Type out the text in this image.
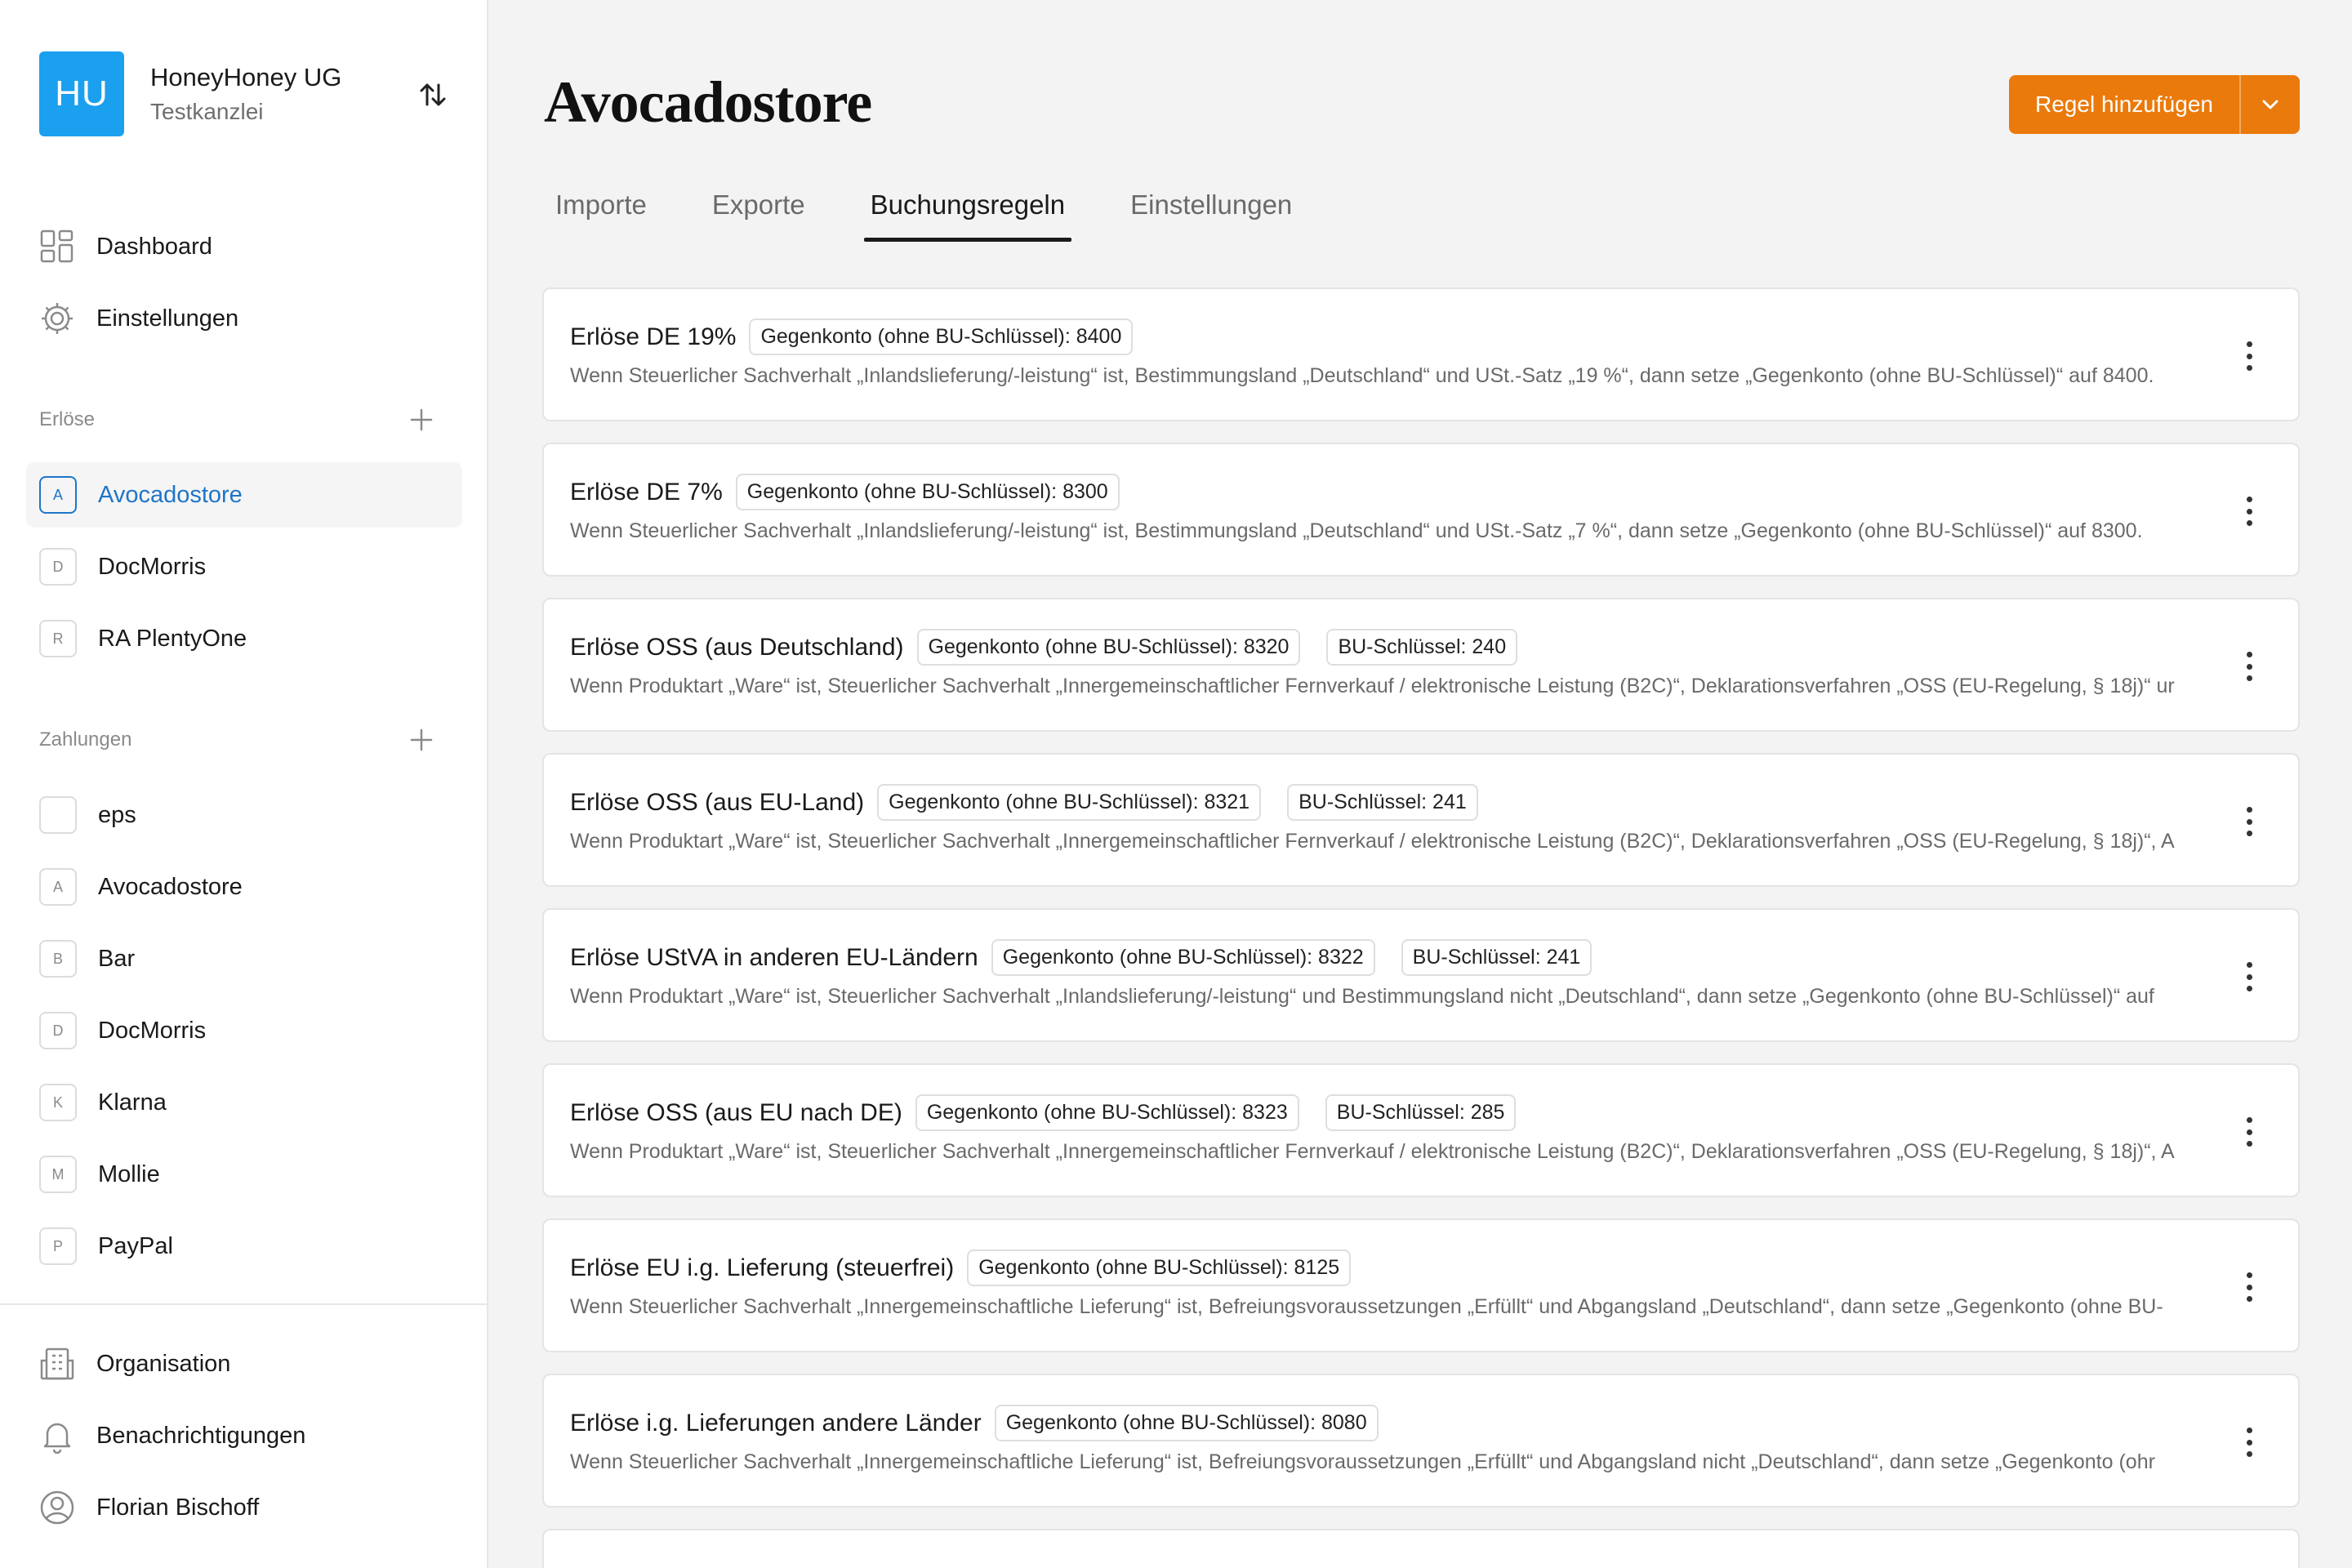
HU	HoneyHoney UG
Testkanzlei
Dashboard
Einstellungen
Erlöse
A	Avocadostore
D	DocMorris
R	RA PlentyOne
Zahlungen
eps
A	Avocadostore
B	Bar
D	DocMorris
K	Klarna
M	Mollie
P	PayPal
Organisation
Benachrichtigungen
Florian Bischoff
Avocadostore	Regel hinzufügen
Importe Exporte Buchungsregeln Einstellungen
Erlöse DE 19%	Gegenkonto (ohne BU-Schlüssel): 8400
Wenn Steuerlicher Sachverhalt „Inlandslieferung/-leistung“ ist, Bestimmungsland „Deutschland“ und USt.-Satz „19 %“, dann setze „Gegenkonto (ohne BU-Schlüssel)“ auf 8400.
Erlöse DE 7%	Gegenkonto (ohne BU-Schlüssel): 8300
Wenn Steuerlicher Sachverhalt „Inlandslieferung/-leistung“ ist, Bestimmungsland „Deutschland“ und USt.-Satz „7 %“, dann setze „Gegenkonto (ohne BU-Schlüssel)“ auf 8300.
Erlöse OSS (aus Deutschland)	Gegenkonto (ohne BU-Schlüssel): 8320	BU-Schlüssel: 240
Wenn Produktart „Ware“ ist, Steuerlicher Sachverhalt „Innergemeinschaftlicher Fernverkauf / elektronische Leistung (B2C)“, Deklarationsverfahren „OSS (EU-Regelung, § 18j)“ ur
Erlöse OSS (aus EU-Land)	Gegenkonto (ohne BU-Schlüssel): 8321	BU-Schlüssel: 241
Wenn Produktart „Ware“ ist, Steuerlicher Sachverhalt „Innergemeinschaftlicher Fernverkauf / elektronische Leistung (B2C)“, Deklarationsverfahren „OSS (EU-Regelung, § 18j)“, A
Erlöse UStVA in anderen EU-Ländern	Gegenkonto (ohne BU-Schlüssel): 8322	BU-Schlüssel: 241
Wenn Produktart „Ware“ ist, Steuerlicher Sachverhalt „Inlandslieferung/-leistung“ und Bestimmungsland nicht „Deutschland“, dann setze „Gegenkonto (ohne BU-Schlüssel)“ auf
Erlöse OSS (aus EU nach DE)	Gegenkonto (ohne BU-Schlüssel): 8323	BU-Schlüssel: 285
Wenn Produktart „Ware“ ist, Steuerlicher Sachverhalt „Innergemeinschaftlicher Fernverkauf / elektronische Leistung (B2C)“, Deklarationsverfahren „OSS (EU-Regelung, § 18j)“, A
Erlöse EU i.g. Lieferung (steuerfrei)	Gegenkonto (ohne BU-Schlüssel): 8125
Wenn Steuerlicher Sachverhalt „Innergemeinschaftliche Lieferung“ ist, Befreiungsvoraussetzungen „Erfüllt“ und Abgangsland „Deutschland“, dann setze „Gegenkonto (ohne BU-
Erlöse i.g. Lieferungen andere Länder	Gegenkonto (ohne BU-Schlüssel): 8080
Wenn Steuerlicher Sachverhalt „Innergemeinschaftliche Lieferung“ ist, Befreiungsvoraussetzungen „Erfüllt“ und Abgangsland nicht „Deutschland“, dann setze „Gegenkonto (ohr
